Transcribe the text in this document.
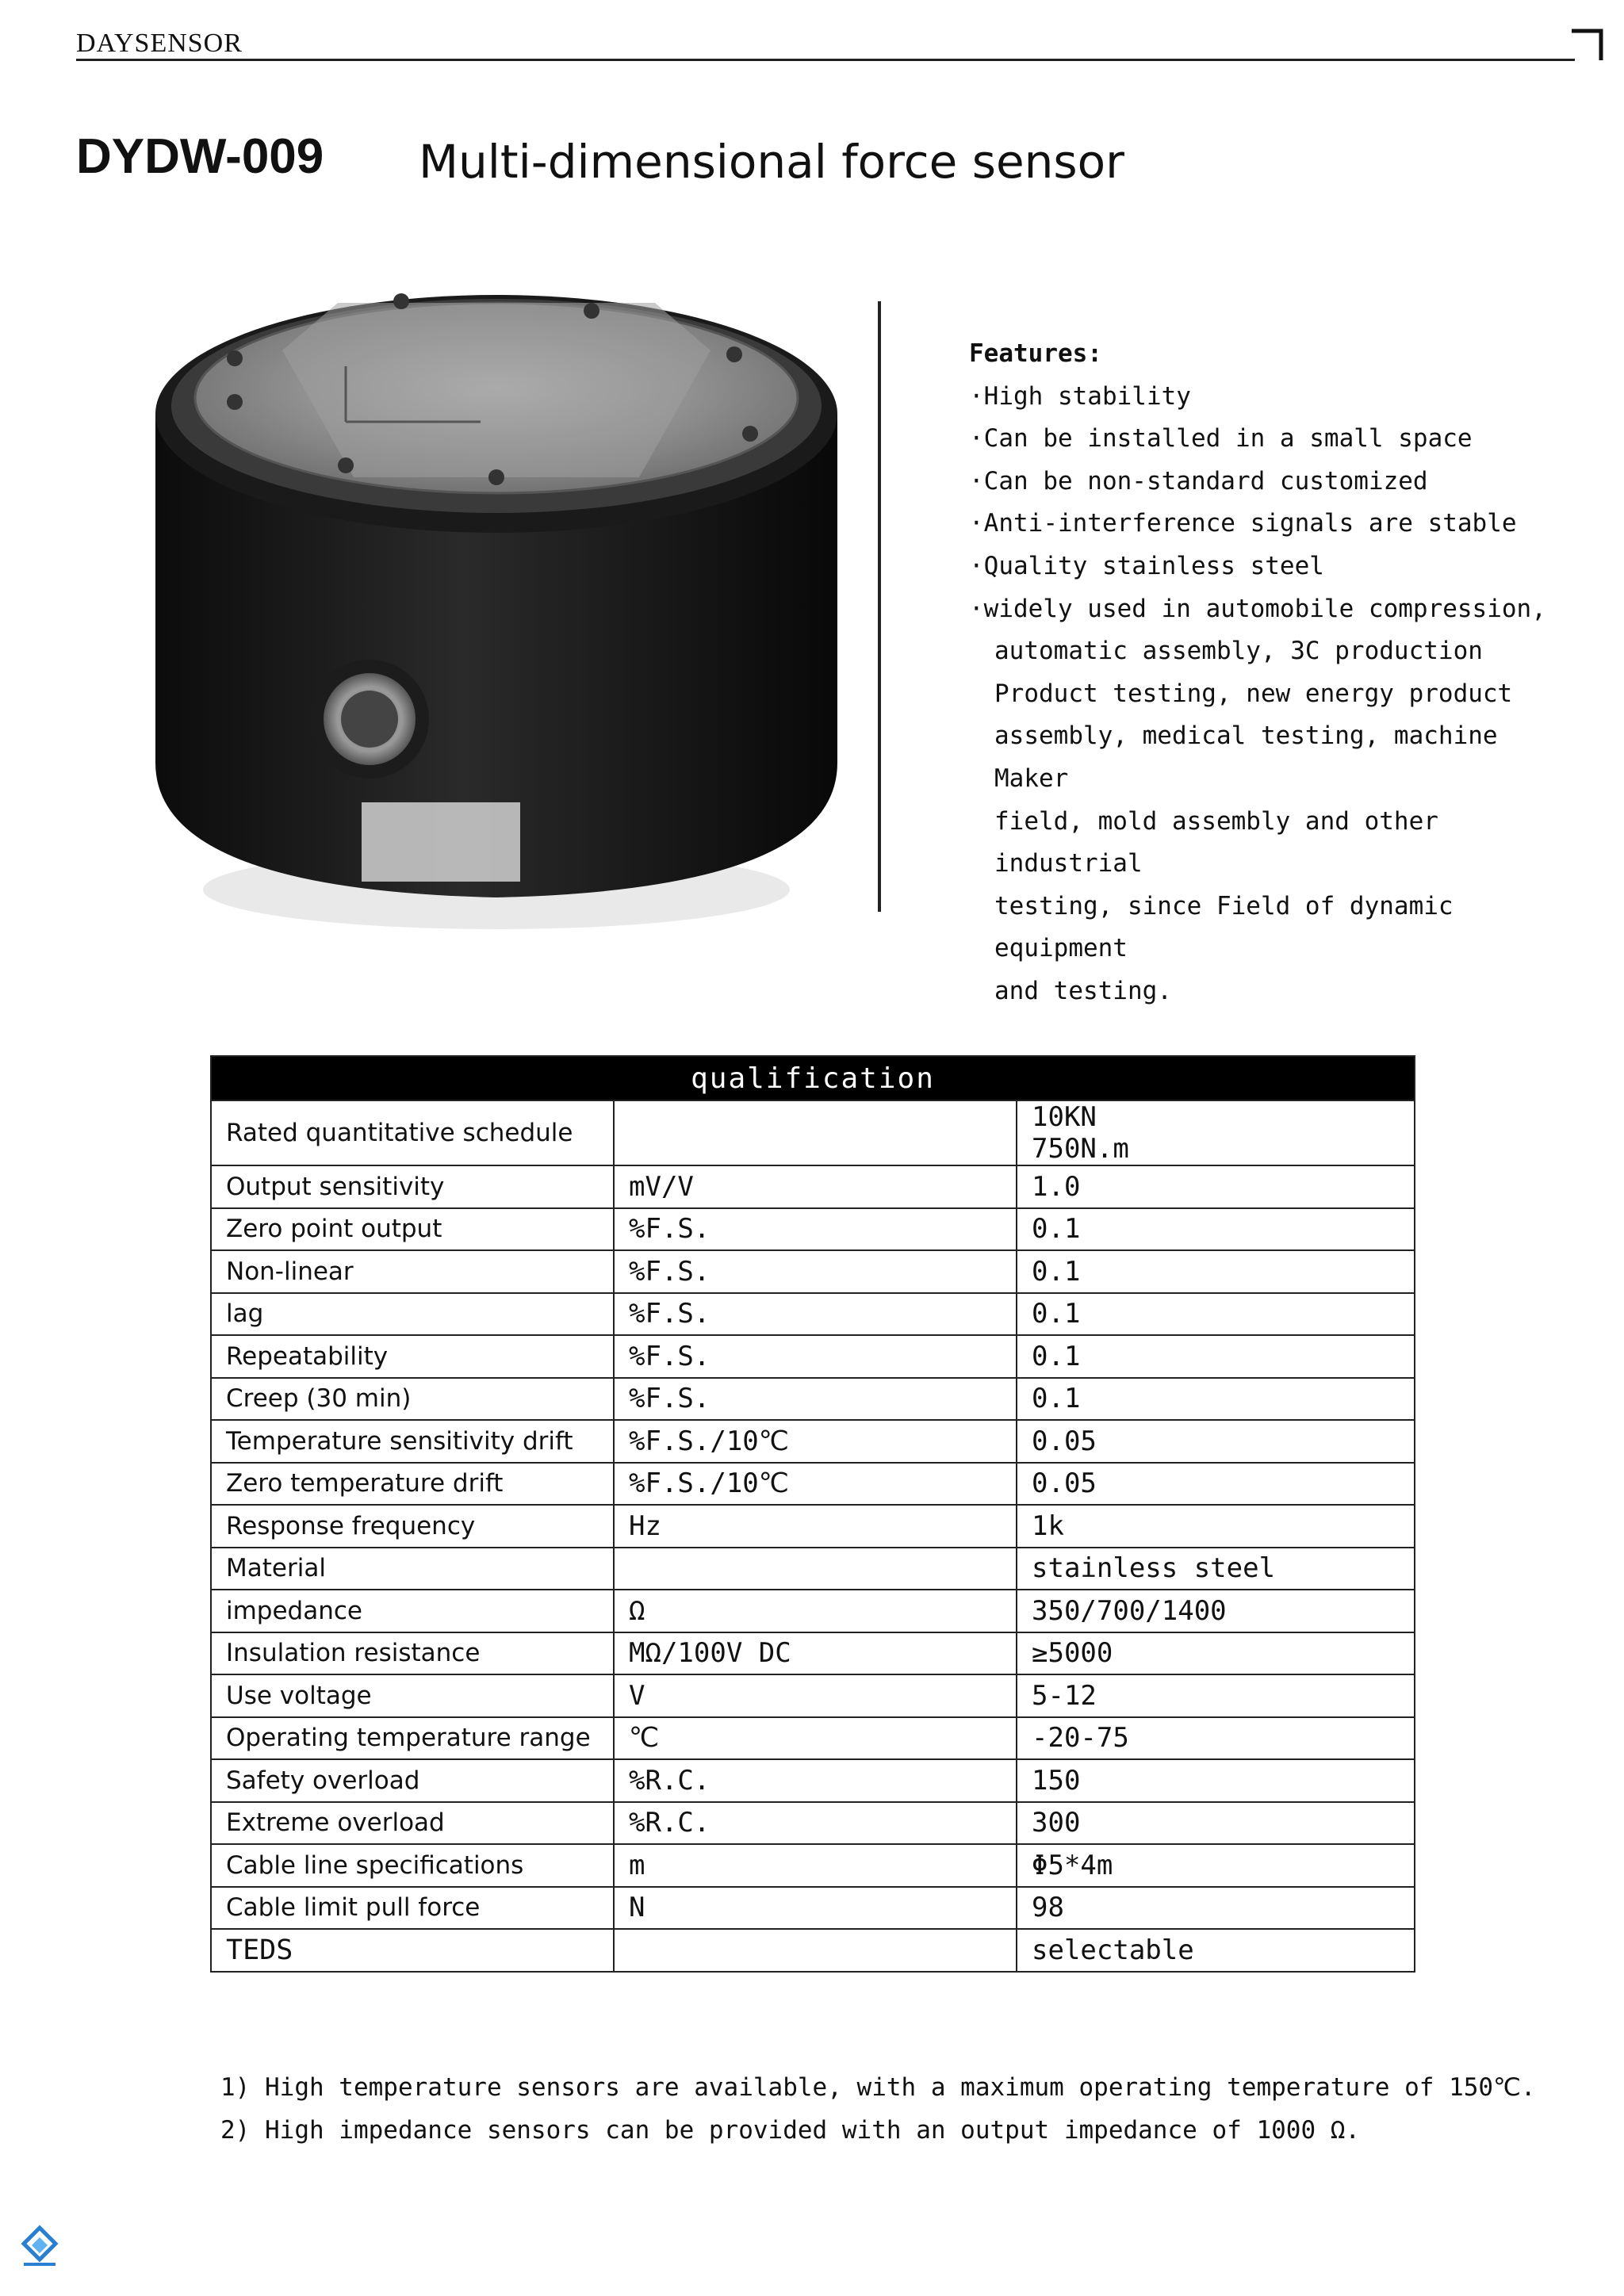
DAYSENSOR
DYDW-009 Multi-dimensional force sensor
Features:
·High stability
·Can be installed in a small space
·Can be non-standard customized
·Anti-interference signals are stable
·Quality stainless steel
·widely used in automobile compression,
automatic assembly, 3C production
Product testing, new energy product
assembly, medical testing, machine Maker
field, mold assembly and other industrial
testing, since Field of dynamic equipment
and testing.
qualification		
Rated quantitative schedule		10KN
750N.m

Output sensitivity	mV/V	1.0
Zero point output	%F.S.	0.1
Non-linear	%F.S.	0.1
lag	%F.S.	0.1
Repeatability	%F.S.	0.1
Creep (30 min)	%F.S.	0.1
Temperature sensitivity drift	%F.S./10℃	0.05
Zero temperature drift	%F.S./10℃	0.05
Response frequency	Hz	1k
Material		stainless steel
impedance	Ω	350/700/1400
Insulation resistance	MΩ/100V DC	≥5000
Use voltage	V	5-12
Operating temperature range	℃	-20-75
Safety overload	%R.C.	150
Extreme overload	%R.C.	300
Cable line specifications	m	Φ5*4m
Cable limit pull force	N	98
TEDS		selectable
1) High temperature sensors are available, with a maximum operating temperature of 150℃.
2) High impedance sensors can be provided with an output impedance of 1000 Ω.
